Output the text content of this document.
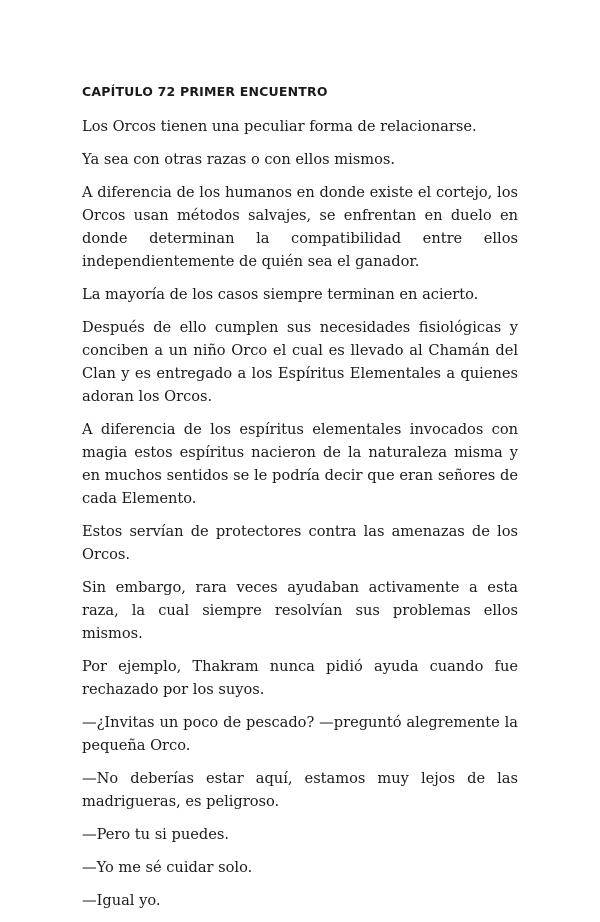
CAPÍTULO 72 PRIMER ENCUENTRO

Los Orcos tienen una peculiar forma de relacionarse.

Ya sea con otras razas o con ellos mismos.

A diferencia de los humanos en donde existe el cortejo, los Orcos usan métodos salvajes, se enfrentan en duelo en donde determinan la compatibilidad entre ellos independientemente de quién sea el ganador.

La mayoría de los casos siempre terminan en acierto.

Después de ello cumplen sus necesidades fisiológicas y conciben a un niño Orco el cual es llevado al Chamán del Clan y es entregado a los Espíritus Elementales a quienes adoran los Orcos.

A diferencia de los espíritus elementales invocados con magia estos espíritus nacieron de la naturaleza misma y en muchos sentidos se le podría decir que eran señores de cada Elemento.

Estos servían de protectores contra las amenazas de los Orcos.

Sin embargo, rara veces ayudaban activamente a esta raza, la cual siempre resolvían sus problemas ellos mismos.

Por ejemplo, Thakram nunca pidió ayuda cuando fue rechazado por los suyos.

—¿Invitas un poco de pescado? —preguntó alegremente la pequeña Orco.

—No deberías estar aquí, estamos muy lejos de las madrigueras, es peligroso.

—Pero tu si puedes.

—Yo me sé cuidar solo.

—Igual yo.
